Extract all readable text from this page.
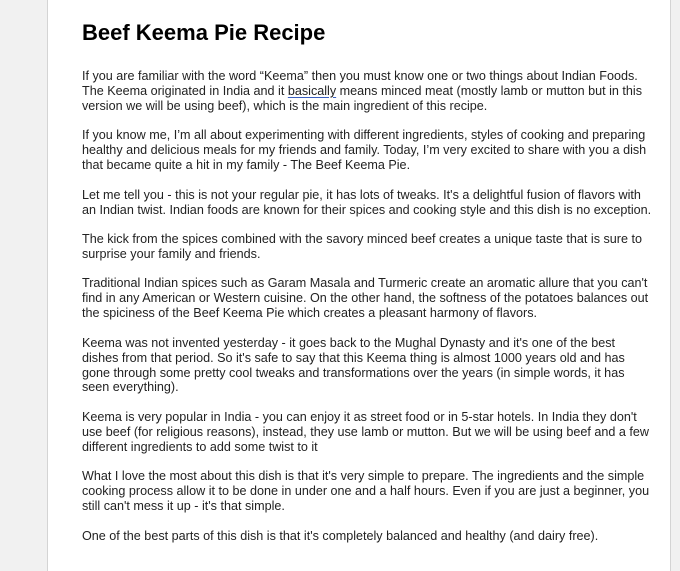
Beef Keema Pie Recipe

If you are familiar with the word “Keema” then you must know one or two things about Indian Foods. The Keema originated in India and it basically means minced meat (mostly lamb or mutton but in this version we will be using beef), which is the main ingredient of this recipe.

If you know me, I’m all about experimenting with different ingredients, styles of cooking and preparing healthy and delicious meals for my friends and family. Today, I’m very excited to share with you a dish that became quite a hit in my family - The Beef Keema Pie.

Let me tell you - this is not your regular pie, it has lots of tweaks. It's a delightful fusion of flavors with an Indian twist. Indian foods are known for their spices and cooking style and this dish is no exception.

The kick from the spices combined with the savory minced beef creates a unique taste that is sure to surprise your family and friends.

Traditional Indian spices such as Garam Masala and Turmeric create an aromatic allure that you can't find in any American or Western cuisine. On the other hand, the softness of the potatoes balances out the spiciness of the Beef Keema Pie which creates a pleasant harmony of flavors.

Keema was not invented yesterday - it goes back to the Mughal Dynasty and it's one of the best dishes from that period. So it's safe to say that this Keema thing is almost 1000 years old and has gone through some pretty cool tweaks and transformations over the years (in simple words, it has seen everything).

Keema is very popular in India - you can enjoy it as street food or in 5-star hotels. In India they don't use beef (for religious reasons), instead, they use lamb or mutton. But we will be using beef and a few different ingredients to add some twist to it

What I love the most about this dish is that it's very simple to prepare. The ingredients and the simple cooking process allow it to be done in under one and a half hours. Even if you are just a beginner, you still can't mess it up - it's that simple.

One of the best parts of this dish is that it's completely balanced and healthy (and dairy free).
